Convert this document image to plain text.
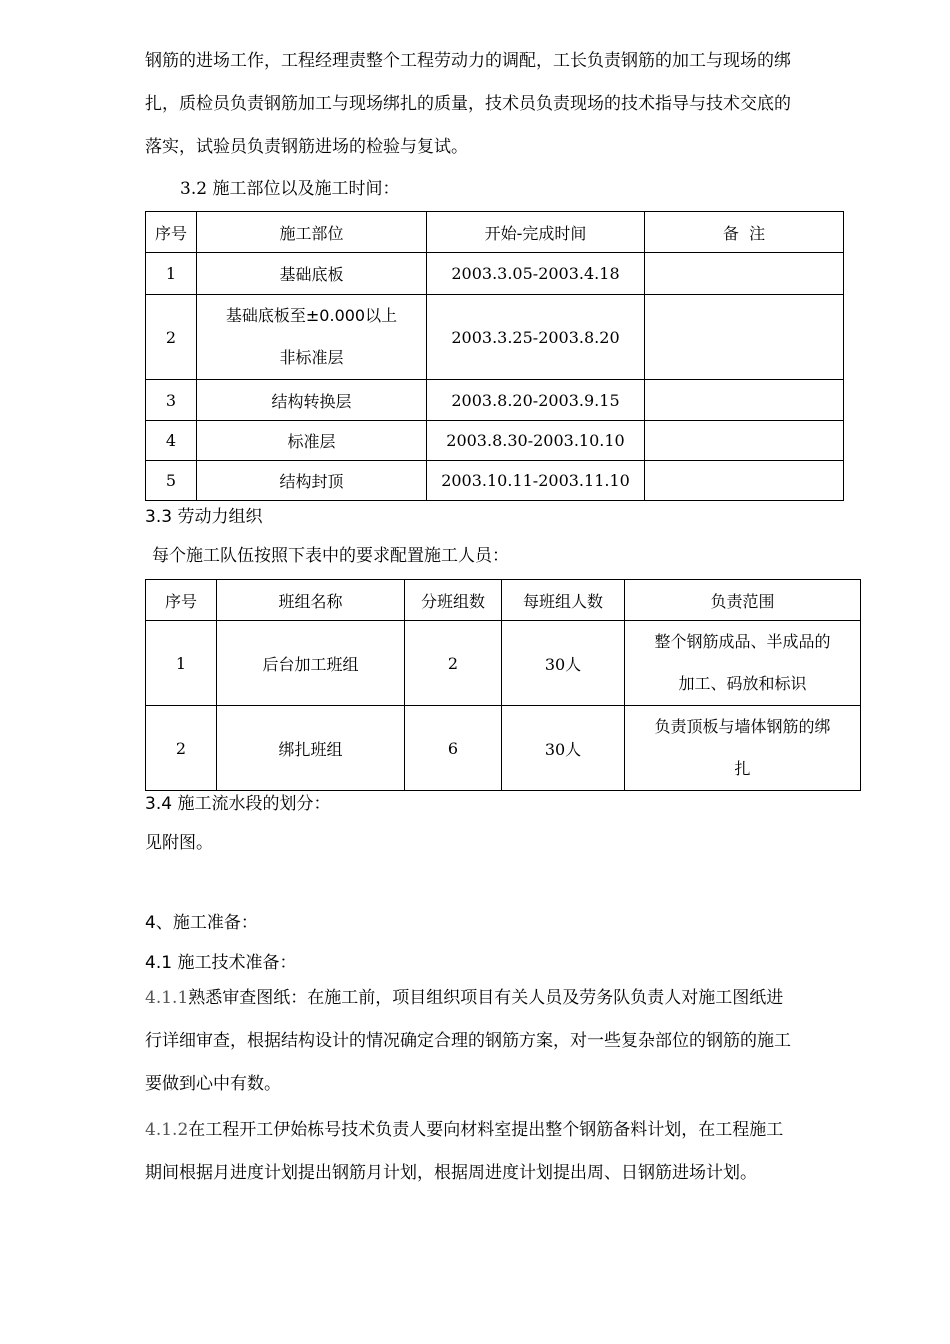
钢筋的进场工作，工程经理责整个工程劳动力的调配，工长负责钢筋的加工与现场的绑
扎，质检员负责钢筋加工与现场绑扎的质量，技术员负责现场的技术指导与技术交底的
落实，试验员负责钢筋进场的检验与复试。
3.2 施工部位以及施工时间：
序号	施工部位	开始-完成时间	备  注
1	基础底板	2003.3.05-2003.4.18	
2	基础底板至±0.000以上
非标准层	2003.3.25-2003.8.20	
3	结构转换层	2003.8.20-2003.9.15	
4	标准层	2003.8.30-2003.10.10	
5	结构封顶	2003.10.11-2003.11.10	
3.3 劳动力组织
每个施工队伍按照下表中的要求配置施工人员：
序号	班组名称	分班组数	每班组人数	负责范围
1	后台加工班组	2	30人	整个钢筋成品、半成品的
加工、码放和标识

2	绑扎班组	6	30人	负责顶板与墙体钢筋的绑
扎
3.4 施工流水段的划分：
见附图。
4、施工准备：
4.1 施工技术准备：
4.1.1熟悉审查图纸：在施工前，项目组织项目有关人员及劳务队负责人对施工图纸进
行详细审查，根据结构设计的情况确定合理的钢筋方案，对一些复杂部位的钢筋的施工
要做到心中有数。
4.1.2在工程开工伊始栋号技术负责人要向材料室提出整个钢筋备料计划，在工程施工
期间根据月进度计划提出钢筋月计划，根据周进度计划提出周、日钢筋进场计划。
